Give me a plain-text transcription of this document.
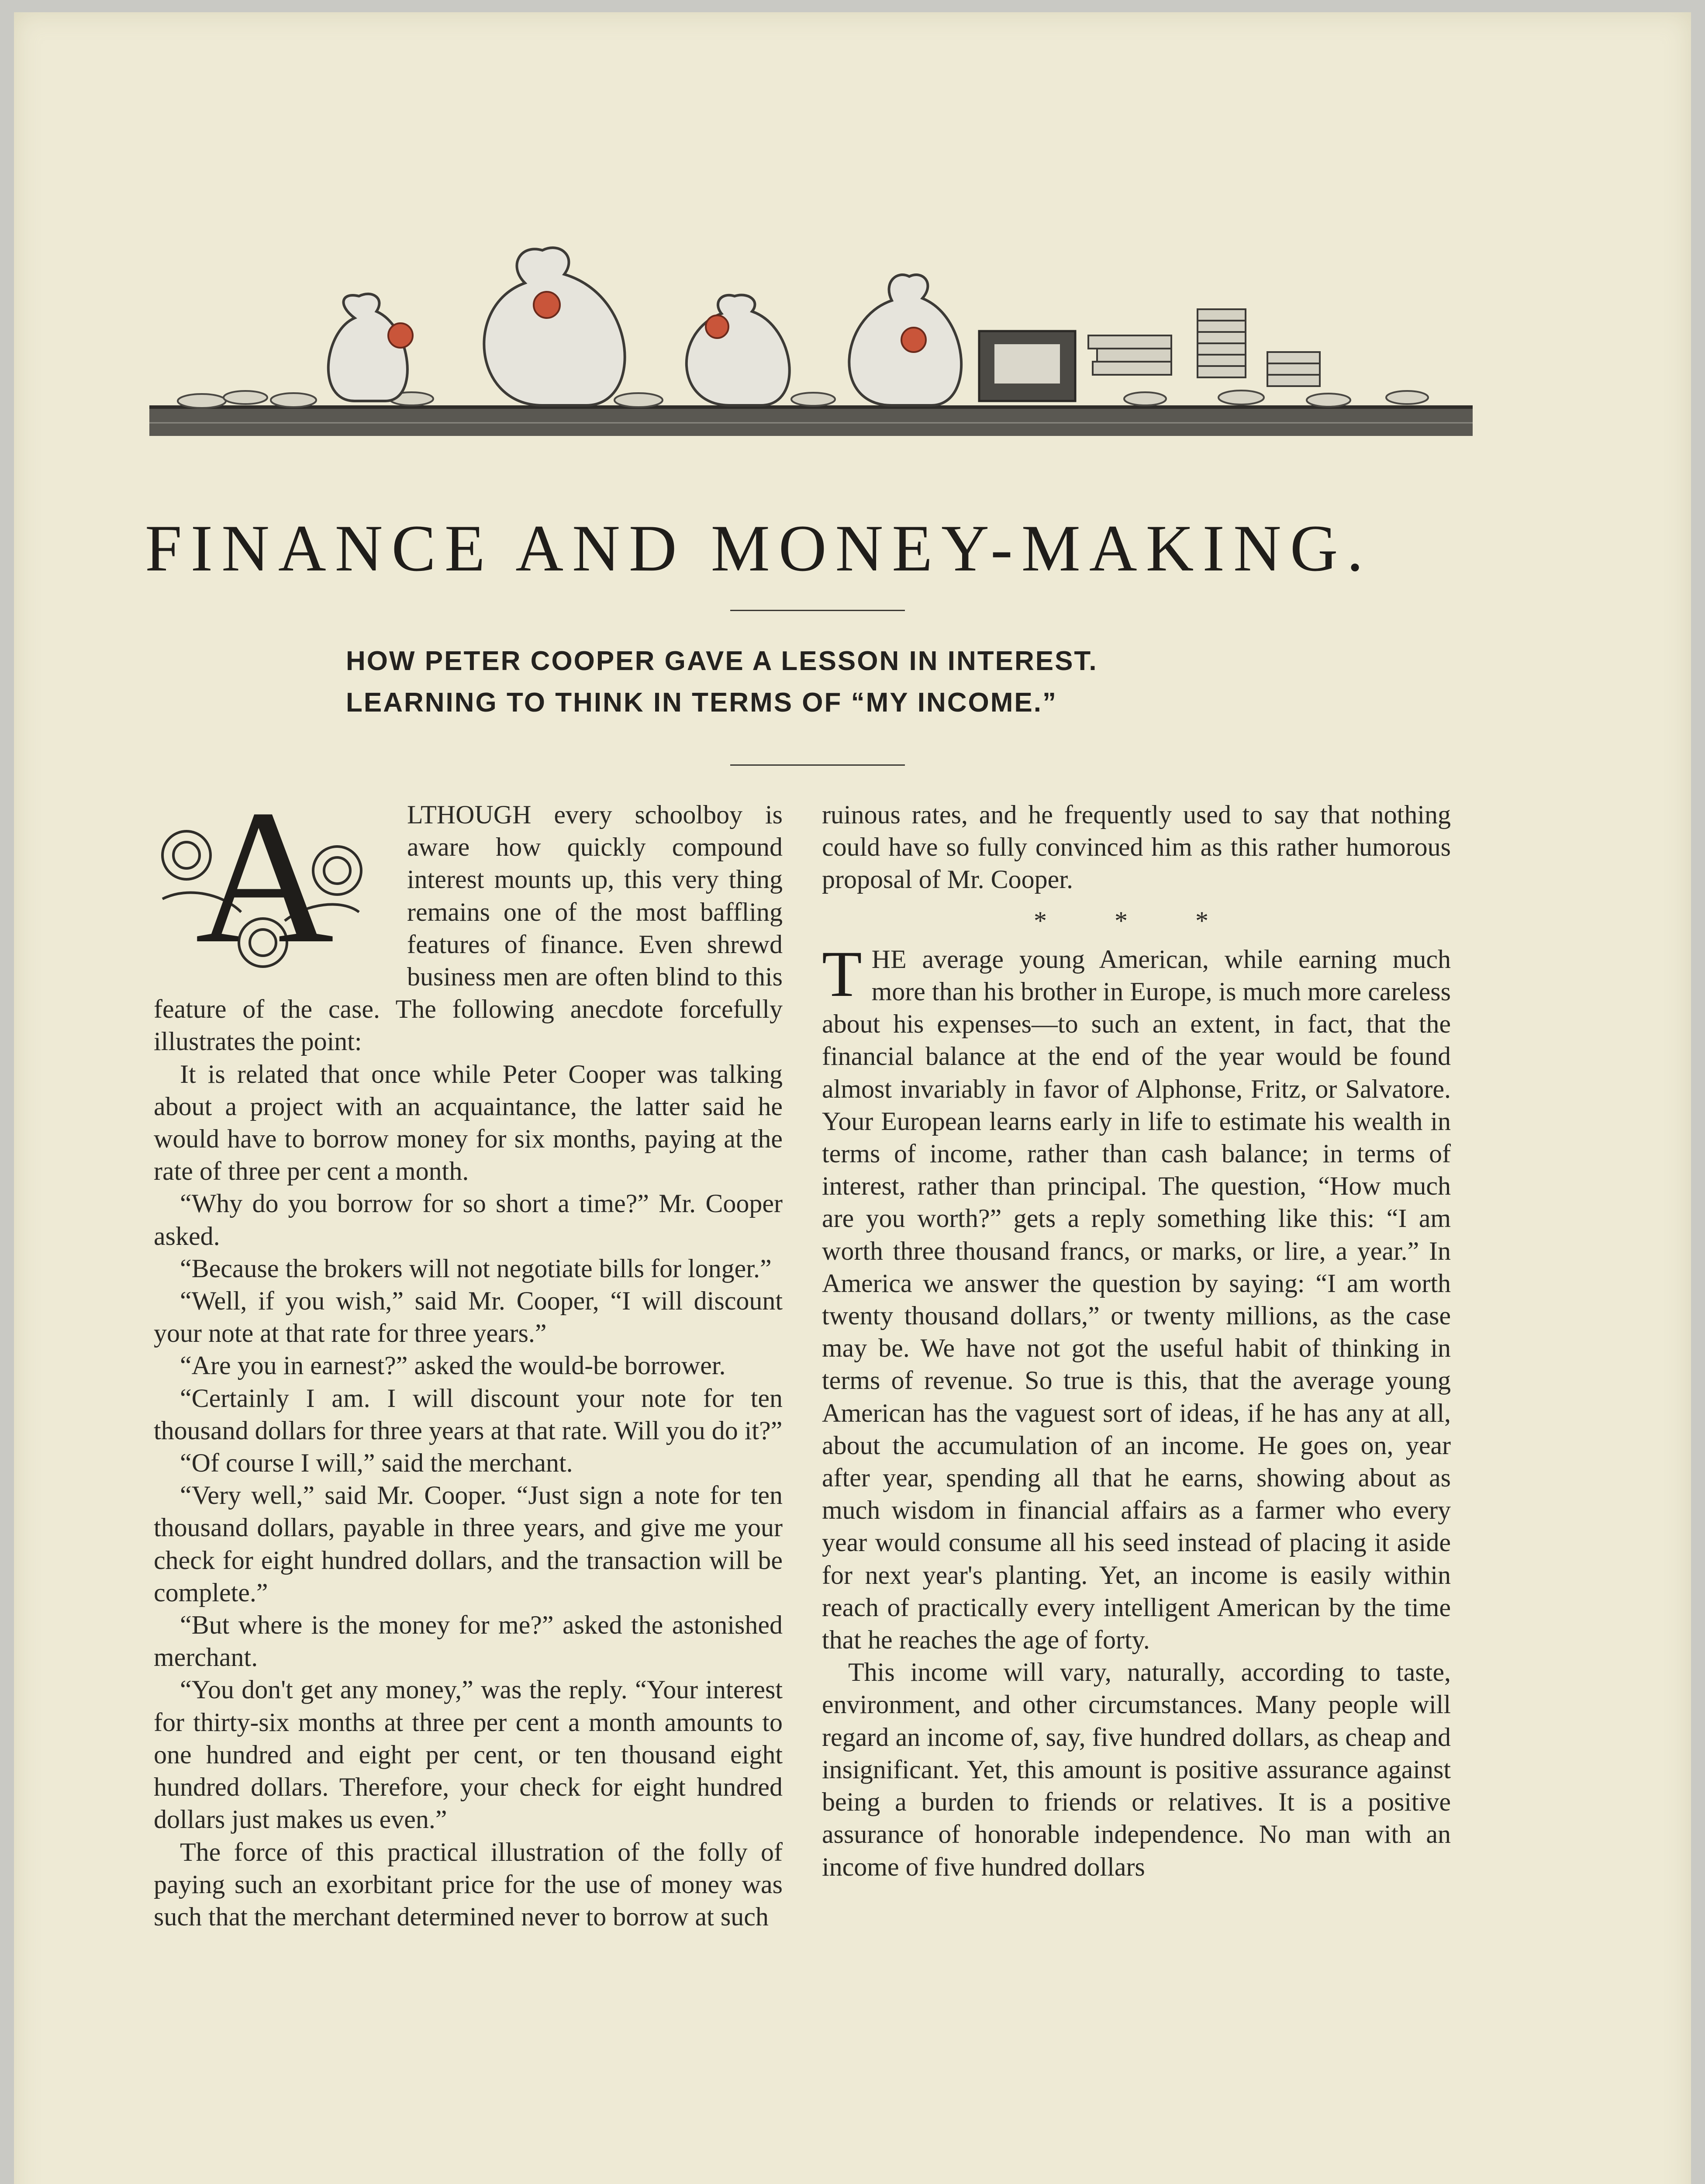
FINANCE AND MONEY-MAKING.
HOW PETER COOPER GAVE A LESSON IN INTEREST.
LEARNING TO THINK IN TERMS OF “MY INCOME.”
A	LTHOUGH every schoolboy is aware how quickly compound interest mounts up, this very thing remains one of the most baffling features of finance. Even shrewd business men are often blind to this feature of the case. The following anecdote forcefully illustrates the point:

It is related that once while Peter Cooper was talking about a project with an acquaintance, the latter said he would have to borrow money for six months, paying at the rate of three per cent a month.

“Why do you borrow for so short a time?” Mr. Cooper asked.

“Because the brokers will not negotiate bills for longer.”

“Well, if you wish,” said Mr. Cooper, “I will discount your note at that rate for three years.”

“Are you in earnest?” asked the would-be borrower.

“Certainly I am. I will discount your note for ten thousand dollars for three years at that rate. Will you do it?”

“Of course I will,” said the merchant.

“Very well,” said Mr. Cooper. “Just sign a note for ten thousand dollars, payable in three years, and give me your check for eight hundred dollars, and the transaction will be complete.”

“But where is the money for me?” asked the astonished merchant.

“You don't get any money,” was the reply. “Your interest for thirty-six months at three per cent a month amounts to one hundred and eight per cent, or ten thousand eight hundred dollars. Therefore, your check for eight hundred dollars just makes us even.”

The force of this practical illustration of the folly of paying such an exorbitant price for the use of money was such that the merchant determined never to borrow at such

ruinous rates, and he frequently used to say that nothing could have so fully convinced him as this rather humorous proposal of Mr. Cooper.

* * *

T HE average young American, while earning much more than his brother in Europe, is much more careless about his expenses—to such an extent, in fact, that the financial balance at the end of the year would be found almost invariably in favor of Alphonse, Fritz, or Salvatore. Your European learns early in life to estimate his wealth in terms of income, rather than cash balance; in terms of interest, rather than principal. The question, “How much are you worth?” gets a reply something like this: “I am worth three thousand francs, or marks, or lire, a year.” In America we answer the question by saying: “I am worth twenty thousand dollars,” or twenty millions, as the case may be. We have not got the useful habit of thinking in terms of revenue. So true is this, that the average young American has the vaguest sort of ideas, if he has any at all, about the accumulation of an income. He goes on, year after year, spending all that he earns, showing about as much wisdom in financial affairs as a farmer who every year would consume all his seed instead of placing it aside for next year's planting. Yet, an income is easily within reach of practically every intelligent American by the time that he reaches the age of forty.

This income will vary, naturally, according to taste, environment, and other circumstances. Many people will regard an income of, say, five hundred dollars, as cheap and insignificant. Yet, this amount is positive assurance against being a burden to friends or relatives. It is a positive assurance of honorable independence. No man with an income of five hundred dollars
